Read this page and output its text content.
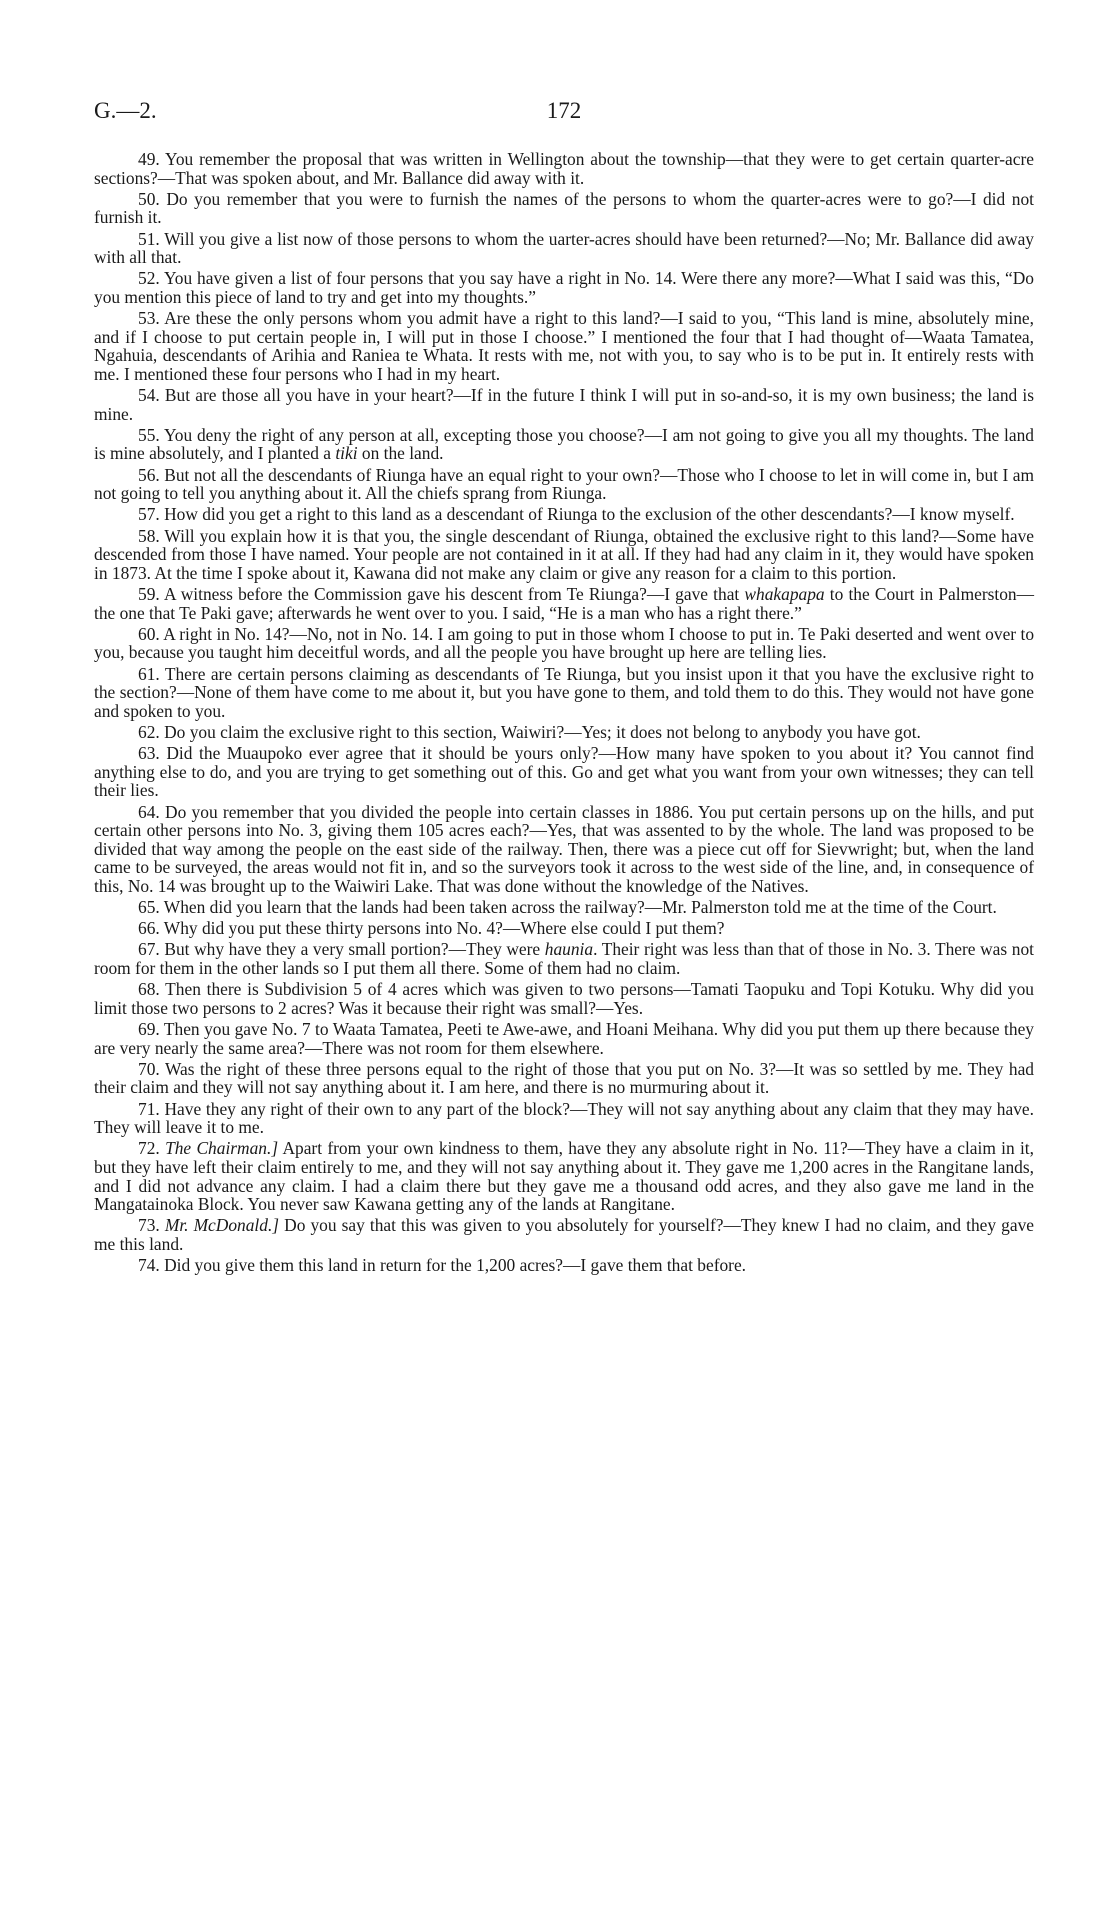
G.—2.	172

49. You remember the proposal that was written in Wellington about the township—that they were to get certain quarter-acre sections?—That was spoken about, and Mr. Ballance did away with it.

50. Do you remember that you were to furnish the names of the persons to whom the quarter-acres were to go?—I did not furnish it.

51. Will you give a list now of those persons to whom the uarter-acres should have been returned?—No; Mr. Ballance did away with all that.

52. You have given a list of four persons that you say have a right in No. 14. Were there any more?—What I said was this, “Do you mention this piece of land to try and get into my thoughts.”

53. Are these the only persons whom you admit have a right to this land?—I said to you, “This land is mine, absolutely mine, and if I choose to put certain people in, I will put in those I choose.” I mentioned the four that I had thought of—Waata Tamatea, Ngahuia, descendants of Arihia and Raniea te Whata. It rests with me, not with you, to say who is to be put in. It entirely rests with me. I mentioned these four persons who I had in my heart.

54. But are those all you have in your heart?—If in the future I think I will put in so-and-so, it is my own business; the land is mine.

55. You deny the right of any person at all, excepting those you choose?—I am not going to give you all my thoughts. The land is mine absolutely, and I planted a tiki on the land.

56. But not all the descendants of Riunga have an equal right to your own?—Those who I choose to let in will come in, but I am not going to tell you anything about it. All the chiefs sprang from Riunga.

57. How did you get a right to this land as a descendant of Riunga to the exclusion of the other descendants?—I know myself.

58. Will you explain how it is that you, the single descendant of Riunga, obtained the exclusive right to this land?—Some have descended from those I have named. Your people are not contained in it at all. If they had had any claim in it, they would have spoken in 1873. At the time I spoke about it, Kawana did not make any claim or give any reason for a claim to this portion.

59. A witness before the Commission gave his descent from Te Riunga?—I gave that whakapapa to the Court in Palmerston—the one that Te Paki gave; afterwards he went over to you. I said, “He is a man who has a right there.”

60. A right in No. 14?—No, not in No. 14. I am going to put in those whom I choose to put in. Te Paki deserted and went over to you, because you taught him deceitful words, and all the people you have brought up here are telling lies.

61. There are certain persons claiming as descendants of Te Riunga, but you insist upon it that you have the exclusive right to the section?—None of them have come to me about it, but you have gone to them, and told them to do this. They would not have gone and spoken to you.

62. Do you claim the exclusive right to this section, Waiwiri?—Yes; it does not belong to anybody you have got.

63. Did the Muaupoko ever agree that it should be yours only?—How many have spoken to you about it? You cannot find anything else to do, and you are trying to get something out of this. Go and get what you want from your own witnesses; they can tell their lies.

64. Do you remember that you divided the people into certain classes in 1886. You put certain persons up on the hills, and put certain other persons into No. 3, giving them 105 acres each?—Yes, that was assented to by the whole. The land was proposed to be divided that way among the people on the east side of the railway. Then, there was a piece cut off for Sievwright; but, when the land came to be surveyed, the areas would not fit in, and so the surveyors took it across to the west side of the line, and, in consequence of this, No. 14 was brought up to the Waiwiri Lake. That was done without the knowledge of the Natives.

65. When did you learn that the lands had been taken across the railway?—Mr. Palmerston told me at the time of the Court.

66. Why did you put these thirty persons into No. 4?—Where else could I put them?

67. But why have they a very small portion?—They were haunia. Their right was less than that of those in No. 3. There was not room for them in the other lands so I put them all there. Some of them had no claim.

68. Then there is Subdivision 5 of 4 acres which was given to two persons—Tamati Taopuku and Topi Kotuku. Why did you limit those two persons to 2 acres? Was it because their right was small?—Yes.

69. Then you gave No. 7 to Waata Tamatea, Peeti te Awe-awe, and Hoani Meihana. Why did you put them up there because they are very nearly the same area?—There was not room for them elsewhere.

70. Was the right of these three persons equal to the right of those that you put on No. 3?—It was so settled by me. They had their claim and they will not say anything about it. I am here, and there is no murmuring about it.

71. Have they any right of their own to any part of the block?—They will not say anything about any claim that they may have. They will leave it to me.

72. The Chairman.] Apart from your own kindness to them, have they any absolute right in No. 11?—They have a claim in it, but they have left their claim entirely to me, and they will not say anything about it. They gave me 1,200 acres in the Rangitane lands, and I did not advance any claim. I had a claim there but they gave me a thousand odd acres, and they also gave me land in the Mangatainoka Block. You never saw Kawana getting any of the lands at Rangitane.

73. Mr. McDonald.] Do you say that this was given to you absolutely for yourself?—They knew I had no claim, and they gave me this land.

74. Did you give them this land in return for the 1,200 acres?—I gave them that before.
